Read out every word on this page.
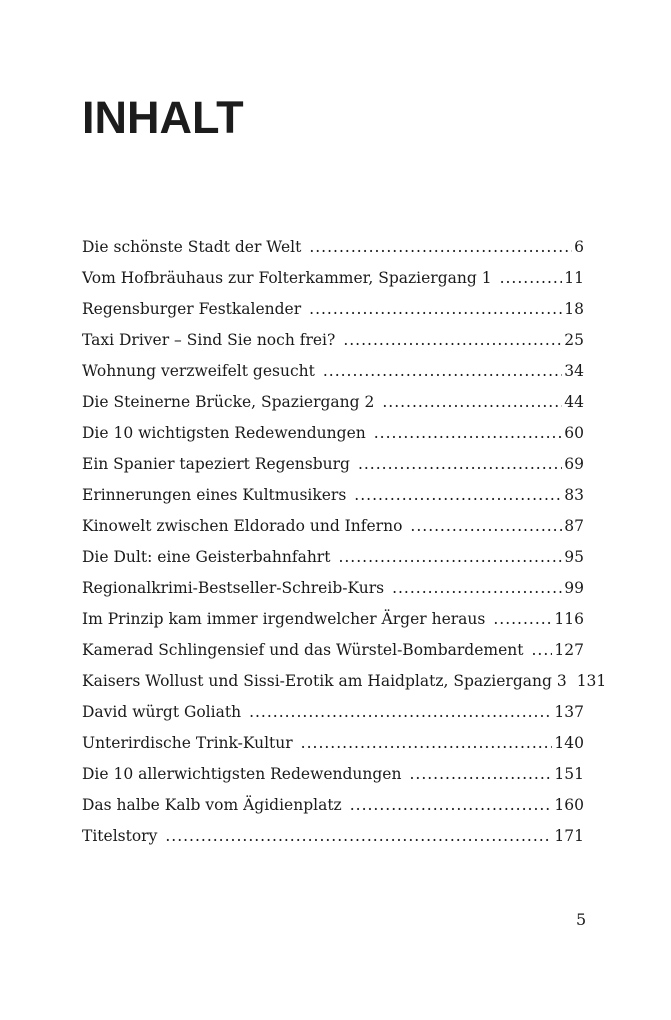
INHALT
Die schönste Stadt der Welt .....	6
Vom Hofbräuhaus zur Folterkammer, Spaziergang 1 .....	11
Regensburger Festkalender .....	18
Taxi Driver – Sind Sie noch frei? .....	25
Wohnung verzweifelt gesucht .....	34
Die Steinerne Brücke, Spaziergang 2 .....	44
Die 10 wichtigsten Redewendungen .....	60
Ein Spanier tapeziert Regensburg .....	69
Erinnerungen eines Kultmusikers .....	83
Kinowelt zwischen Eldorado und Inferno .....	87
Die Dult: eine Geisterbahnfahrt .....	95
Regionalkrimi-Bestseller-Schreib-Kurs .....	99
Im Prinzip kam immer irgendwelcher Ärger heraus .....	116
Kamerad Schlingensief und das Würstel-Bombardement ..... 127
Kaisers Wollust und Sissi-Erotik am Haidplatz, Spaziergang 3 131
David würgt Goliath .....	137
Unterirdische Trink-Kultur .....	140
Die 10 allerwichtigsten Redewendungen .....	151
Das halbe Kalb vom Ägidienplatz .....	160
Titelstory .....	171
5
